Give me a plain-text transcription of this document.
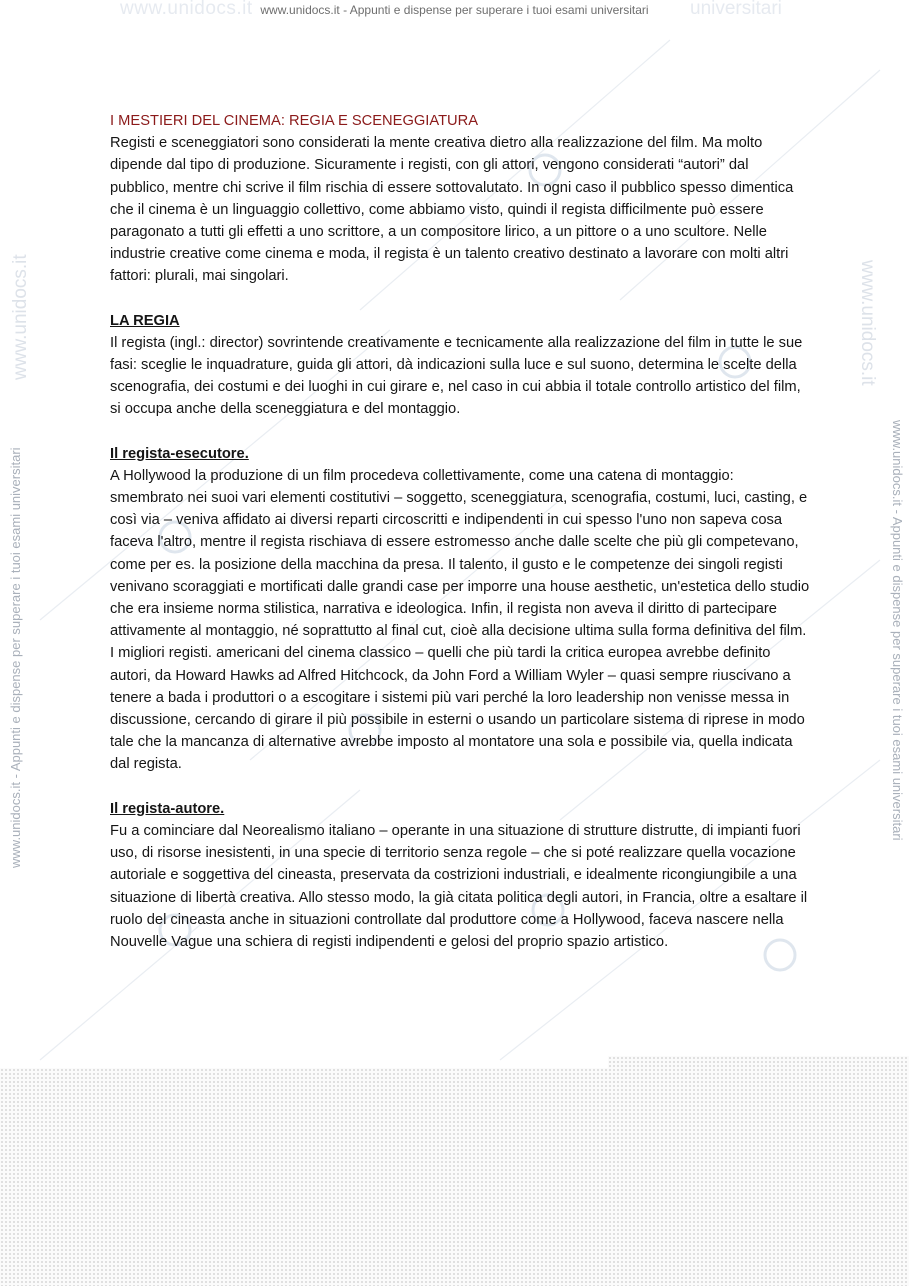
www.unidocs.it	universitari
www.unidocs.it - Appunti e dispense per superare i tuoi esami universitari
www.unidocs.it	www.unidocs.it
www.unidocs.it - Appunti e dispense per superare i tuoi esami universitari	www.unidocs.it - Appunti e dispense per superare i tuoi esami universitari

I MESTIERI DEL CINEMA: REGIA E SCENEGGIATURA

Registi e sceneggiatori sono considerati la mente creativa dietro alla realizzazione del film. Ma molto dipende dal tipo di produzione. Sicuramente i registi, con gli attori, vengono considerati “autori” dal pubblico, mentre chi scrive il film rischia di essere sottovalutato. In ogni caso il pubblico spesso dimentica che il cinema è un linguaggio collettivo, come abbiamo visto, quindi il regista difficilmente può essere paragonato a tutti gli effetti a uno scrittore, a un compositore lirico, a un pittore o a uno scultore. Nelle industrie creative come cinema e moda, il regista è un talento creativo destinato a lavorare con molti altri fattori: plurali, mai singolari.

LA REGIA

Il regista (ingl.: director) sovrintende creativamente e tecnicamente alla realizzazione del film in tutte le sue fasi: sceglie le inquadrature, guida gli attori, dà indicazioni sulla luce e sul suono, determina le scelte della scenografia, dei costumi e dei luoghi in cui girare e, nel caso in cui abbia il totale controllo artistico del film, si occupa anche della sceneggiatura e del montaggio.

Il regista-esecutore.

A Hollywood la produzione di un film procedeva collettivamente, come una catena di montaggio: smembrato nei suoi vari elementi costitutivi – soggetto, sceneggiatura, scenografia, costumi, luci, casting, e così via – veniva affidato ai diversi reparti circoscritti e indipendenti in cui spesso l'uno non sapeva cosa faceva l'altro, mentre il regista rischiava di essere estromesso anche dalle scelte che più gli competevano, come per es. la posizione della macchina da presa. Il talento, il gusto e le competenze dei singoli registi venivano scoraggiati e mortificati dalle grandi case per imporre una house aesthetic, un'estetica dello studio che era insieme norma stilistica, narrativa e ideologica. Infin, il regista non aveva il diritto di partecipare attivamente al montaggio, né soprattutto al final cut, cioè alla decisione ultima sulla forma definitiva del film. I migliori registi. americani del cinema classico – quelli che più tardi la critica europea avrebbe definito autori, da Howard Hawks ad Alfred Hitchcock, da John Ford a William Wyler – quasi sempre riuscivano a tenere a bada i produttori o a escogitare i sistemi più vari perché la loro leadership non venisse messa in discussione, cercando di girare il più possibile in esterni o usando un particolare sistema di riprese in modo tale che la mancanza di alternative avrebbe imposto al montatore una sola e possibile via, quella indicata dal regista.

Il regista-autore.

Fu a cominciare dal Neorealismo italiano – operante in una situazione di strutture distrutte, di impianti fuori uso, di risorse inesistenti, in una specie di territorio senza regole – che si poté realizzare quella vocazione autoriale e soggettiva del cineasta, preservata da costrizioni industriali, e idealmente ricongiungibile a una situazione di libertà creativa. Allo stesso modo, la già citata politica degli autori, in Francia, oltre a esaltare il ruolo del cineasta anche in situazioni controllate dal produttore come a Hollywood, faceva nascere nella Nouvelle Vague una schiera di registi indipendenti e gelosi del proprio spazio artistico.
